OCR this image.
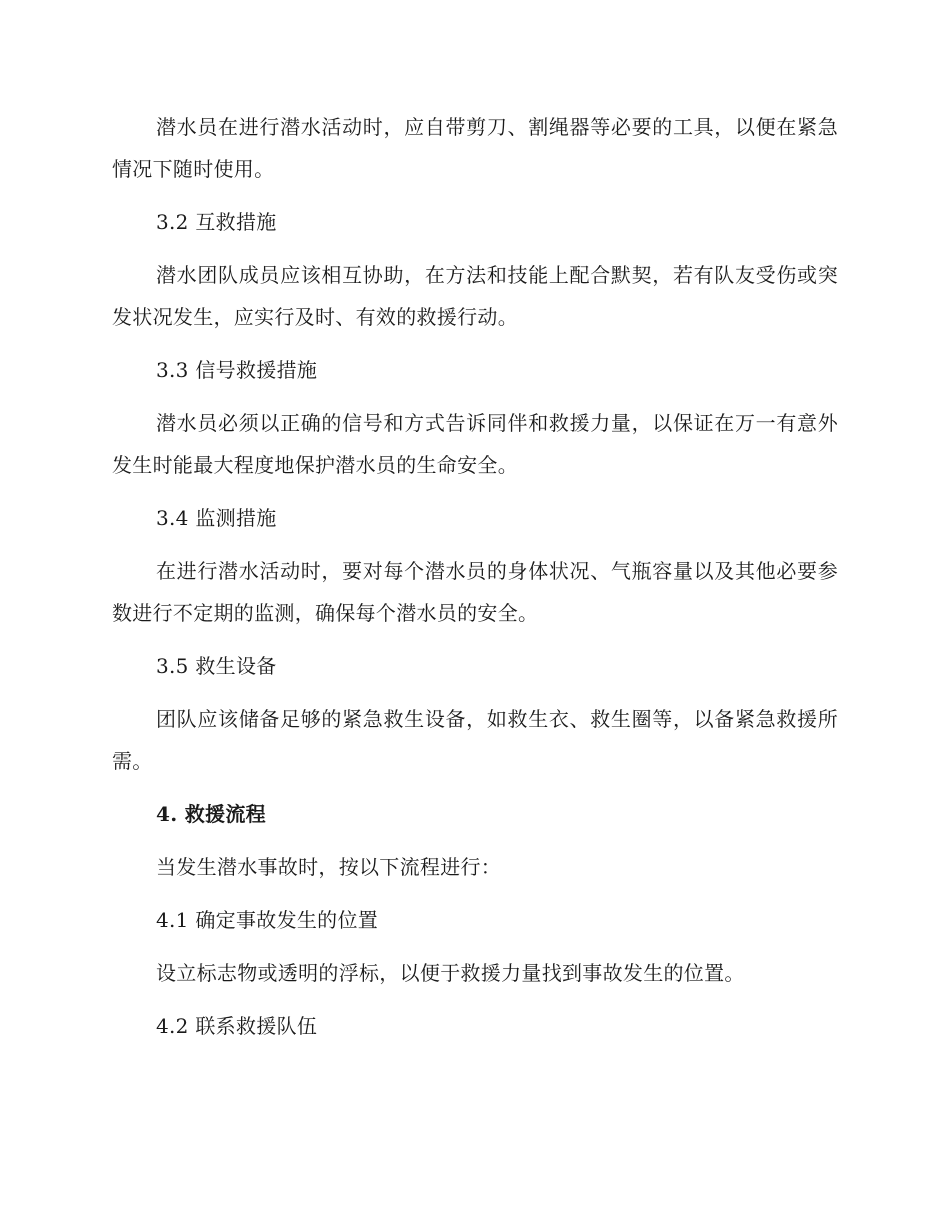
潜水员在进行潜水活动时，应自带剪刀、割绳器等必要的工具，以便在紧急情况下随时使用。

3.2 互救措施

潜水团队成员应该相互协助，在方法和技能上配合默契，若有队友受伤或突发状况发生，应实行及时、有效的救援行动。

3.3 信号救援措施

潜水员必须以正确的信号和方式告诉同伴和救援力量，以保证在万一有意外发生时能最大程度地保护潜水员的生命安全。

3.4 监测措施

在进行潜水活动时，要对每个潜水员的身体状况、气瓶容量以及其他必要参数进行不定期的监测，确保每个潜水员的安全。

3.5 救生设备

团队应该储备足够的紧急救生设备，如救生衣、救生圈等，以备紧急救援所需。

4. 救援流程

当发生潜水事故时，按以下流程进行：

4.1 确定事故发生的位置

设立标志物或透明的浮标，以便于救援力量找到事故发生的位置。

4.2 联系救援队伍
